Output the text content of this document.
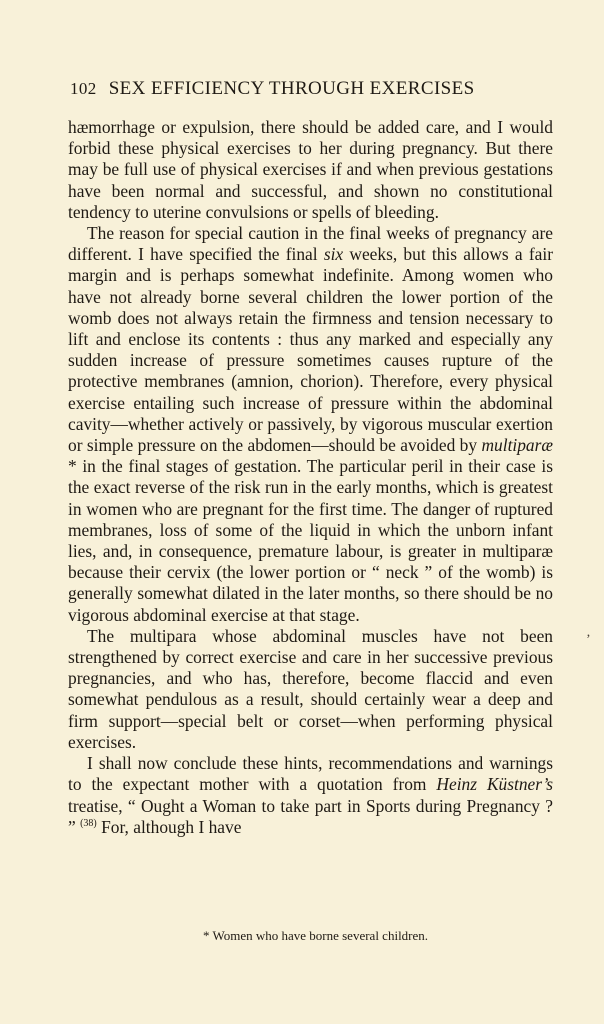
102 SEX EFFICIENCY THROUGH EXERCISES

hæmorrhage or expulsion, there should be added care, and I would forbid these physical exercises to her during pregnancy. But there may be full use of physical exercises if and when previous gestations have been normal and successful, and shown no constitutional tendency to uterine convulsions or spells of bleeding.

The reason for special caution in the final weeks of pregnancy are different. I have specified the final six weeks, but this allows a fair margin and is perhaps somewhat indefinite. Among women who have not already borne several children the lower portion of the womb does not always retain the firmness and tension necessary to lift and enclose its contents : thus any marked and especially any sudden increase of pressure sometimes causes rupture of the protective membranes (amnion, chorion). Therefore, every physical exercise entailing such increase of pressure within the abdominal cavity—whether actively or passively, by vigorous muscular exertion or simple pressure on the abdomen—should be avoided by multiparæ * in the final stages of gestation. The particular peril in their case is the exact reverse of the risk run in the early months, which is greatest in women who are pregnant for the first time. The danger of ruptured membranes, loss of some of the liquid in which the unborn infant lies, and, in consequence, premature labour, is greater in multiparæ because their cervix (the lower portion or “ neck ” of the womb) is generally somewhat dilated in the later months, so there should be no vigorous abdominal exercise at that stage.

The multipara whose abdominal muscles have not been strengthened by correct exercise and care in her successive previous pregnancies, and who has, therefore, become flaccid and even somewhat pendulous as a result, should certainly wear a deep and firm support—special belt or corset—when performing physical exercises.

I shall now conclude these hints, recommendations and warnings to the expectant mother with a quotation from Heinz Küstner’s treatise, “ Ought a Woman to take part in Sports during Pregnancy ? ” $^{(38)}$ For, although I have

* Women who have borne several children.
‚
